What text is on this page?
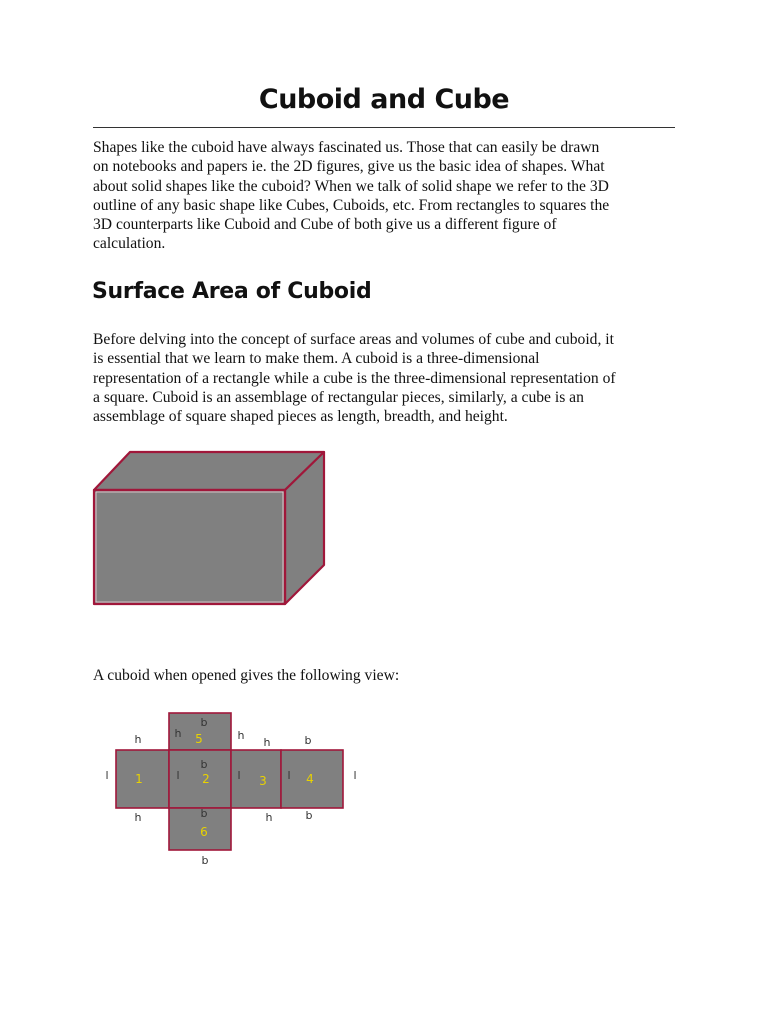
Cuboid and Cube

Shapes like the cuboid have always fascinated us. Those that can easily be drawn
on notebooks and papers ie. the 2D figures, give us the basic idea of shapes. What
about solid shapes like the cuboid? When we talk of solid shape we refer to the 3D
outline of any basic shape like Cubes, Cuboids, etc. From rectangles to squares the
3D counterparts like Cuboid and Cube of both give us a different figure of
calculation.

Surface Area of Cuboid

Before delving into the concept of surface areas and volumes of cube and cuboid, it
is essential that we learn to make them. A cuboid is a three-dimensional
representation of a rectangle while a cube is the three-dimensional representation of
a square. Cuboid is an assemblage of rectangular pieces, similarly, a cube is an
assemblage of square shaped pieces as length, breadth, and height.

A cuboid when opened gives the following view:

5
1	2	3	4
6
b
h	h	h
h	b
b
l	l	l	l	l
b
h	h	b
b
